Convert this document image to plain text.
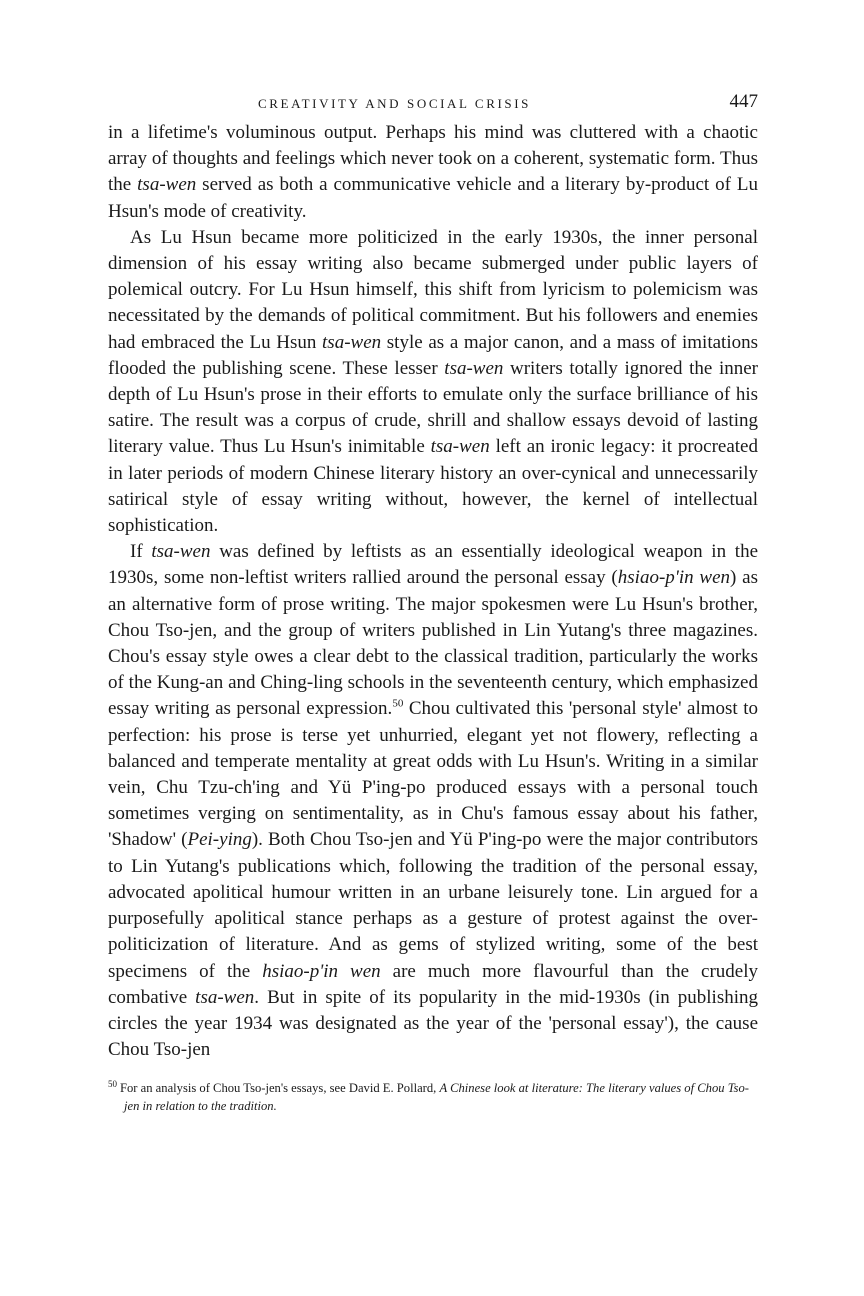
CREATIVITY AND SOCIAL CRISIS	447

in a lifetime's voluminous output. Perhaps his mind was cluttered with a chaotic array of thoughts and feelings which never took on a coherent, systematic form. Thus the tsa-wen served as both a communicative vehicle and a literary by-product of Lu Hsun's mode of creativity.

As Lu Hsun became more politicized in the early 1930s, the inner personal dimension of his essay writing also became submerged under public layers of polemical outcry. For Lu Hsun himself, this shift from lyricism to polemicism was necessitated by the demands of political commitment. But his followers and enemies had embraced the Lu Hsun tsa-wen style as a major canon, and a mass of imitations flooded the publishing scene. These lesser tsa-wen writers totally ignored the inner depth of Lu Hsun's prose in their efforts to emulate only the surface brilliance of his satire. The result was a corpus of crude, shrill and shallow essays devoid of lasting literary value. Thus Lu Hsun's inimitable tsa-wen left an ironic legacy: it procreated in later periods of modern Chinese literary history an over-cynical and unnecessarily satirical style of essay writing without, however, the kernel of intellectual sophistication.

If tsa-wen was defined by leftists as an essentially ideological weapon in the 1930s, some non-leftist writers rallied around the personal essay (hsiao-p'in wen) as an alternative form of prose writing. The major spokesmen were Lu Hsun's brother, Chou Tso-jen, and the group of writers published in Lin Yutang's three magazines. Chou's essay style owes a clear debt to the classical tradition, particularly the works of the Kung-an and Ching-ling schools in the seventeenth century, which emphasized essay writing as personal expression.$^{50}$ Chou cultivated this 'personal style' almost to perfection: his prose is terse yet unhurried, elegant yet not flowery, reflecting a balanced and temperate mentality at great odds with Lu Hsun's. Writing in a similar vein, Chu Tzu-ch'ing and Yü P'ing-po produced essays with a personal touch sometimes verging on sentimentality, as in Chu's famous essay about his father, 'Shadow' (Pei-ying). Both Chou Tso-jen and Yü P'ing-po were the major contributors to Lin Yutang's publications which, following the tradition of the personal essay, advocated apolitical humour written in an urbane leisurely tone. Lin argued for a purposefully apolitical stance perhaps as a gesture of protest against the over-politicization of literature. And as gems of stylized writing, some of the best specimens of the hsiao-p'in wen are much more flavourful than the crudely combative tsa-wen. But in spite of its popularity in the mid-1930s (in publishing circles the year 1934 was designated as the year of the 'personal essay'), the cause Chou Tso-jen

$^{50}$ For an analysis of Chou Tso-jen's essays, see David E. Pollard, A Chinese look at literature: The literary values of Chou Tso-jen in relation to the tradition.
